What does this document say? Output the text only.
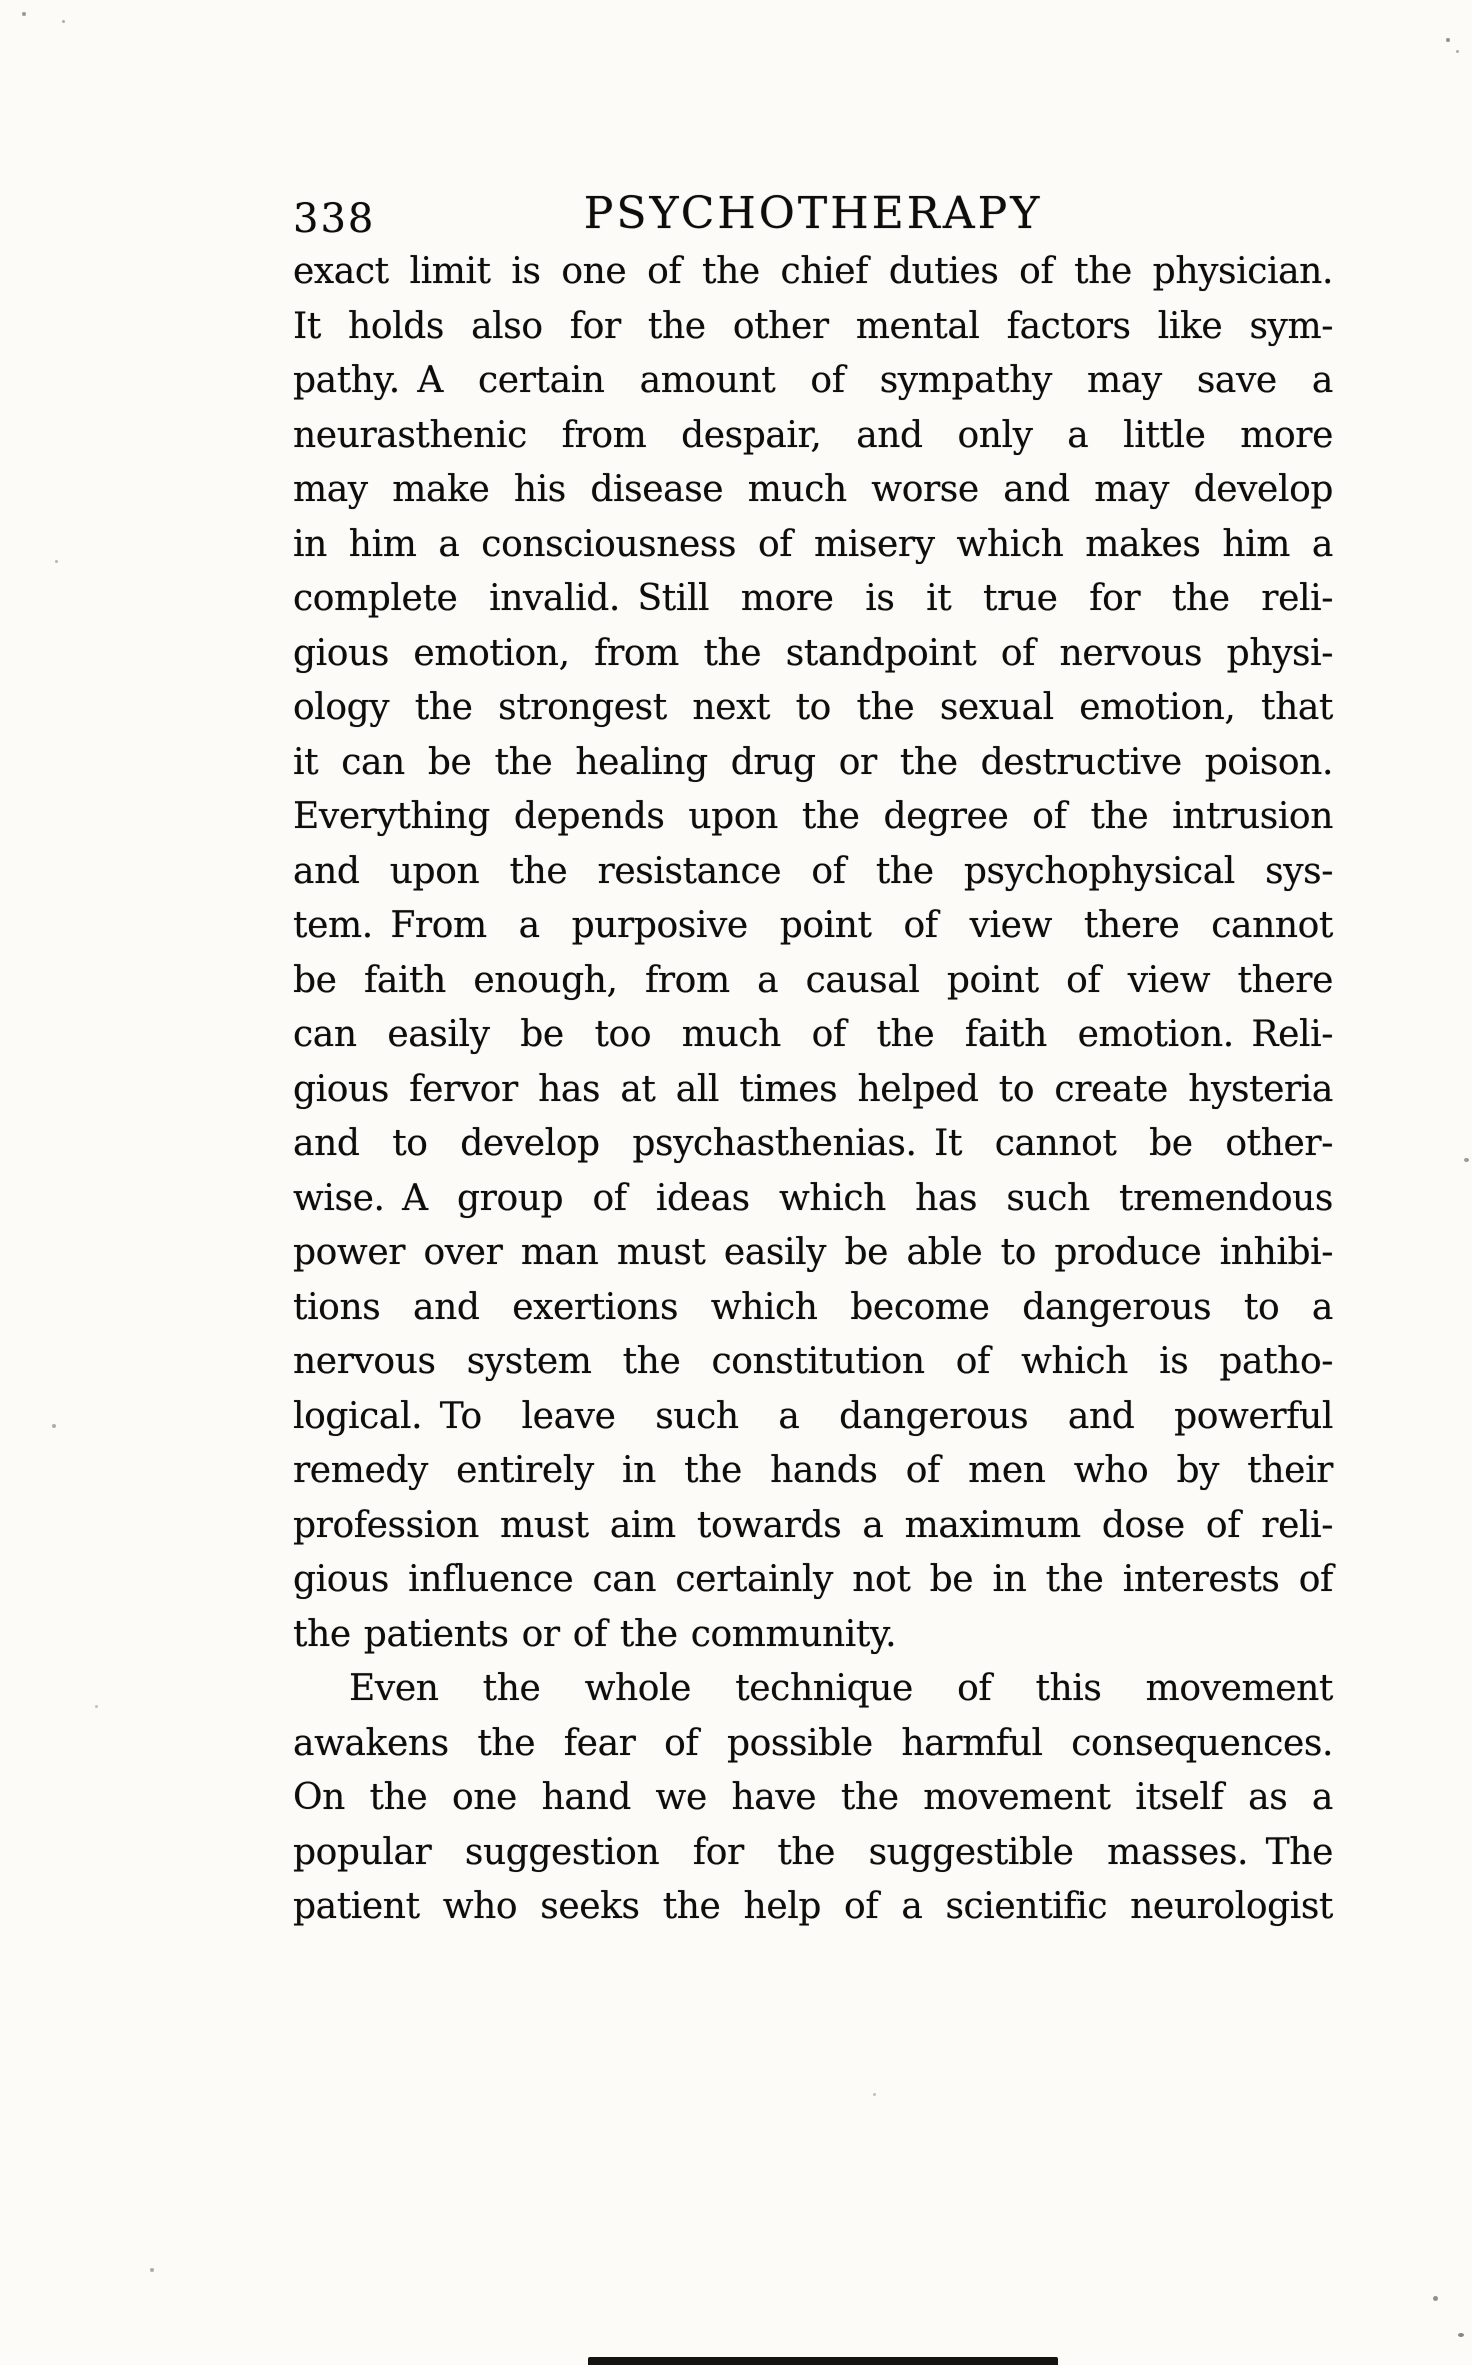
338	PSYCHOTHERAPY
exact limit is one of the chief duties of the physician.
It holds also for the other mental factors like sym-
pathy. A certain amount of sympathy may save a
neurasthenic from despair, and only a little more
may make his disease much worse and may develop
in him a consciousness of misery which makes him a
complete invalid. Still more is it true for the reli-
gious emotion, from the standpoint of nervous physi-
ology the strongest next to the sexual emotion, that
it can be the healing drug or the destructive poison.
Everything depends upon the degree of the intrusion
and upon the resistance of the psychophysical sys-
tem. From a purposive point of view there cannot
be faith enough, from a causal point of view there
can easily be too much of the faith emotion. Reli-
gious fervor has at all times helped to create hysteria
and to develop psychasthenias. It cannot be other-
wise. A group of ideas which has such tremendous
power over man must easily be able to produce inhibi-
tions and exertions which become dangerous to a
nervous system the constitution of which is patho-
logical. To leave such a dangerous and powerful
remedy entirely in the hands of men who by their
profession must aim towards a maximum dose of reli-
gious influence can certainly not be in the interests of
the patients or of the community.
Even the whole technique of this movement
awakens the fear of possible harmful consequences.
On the one hand we have the movement itself as a
popular suggestion for the suggestible masses. The
patient who seeks the help of a scientific neurologist
